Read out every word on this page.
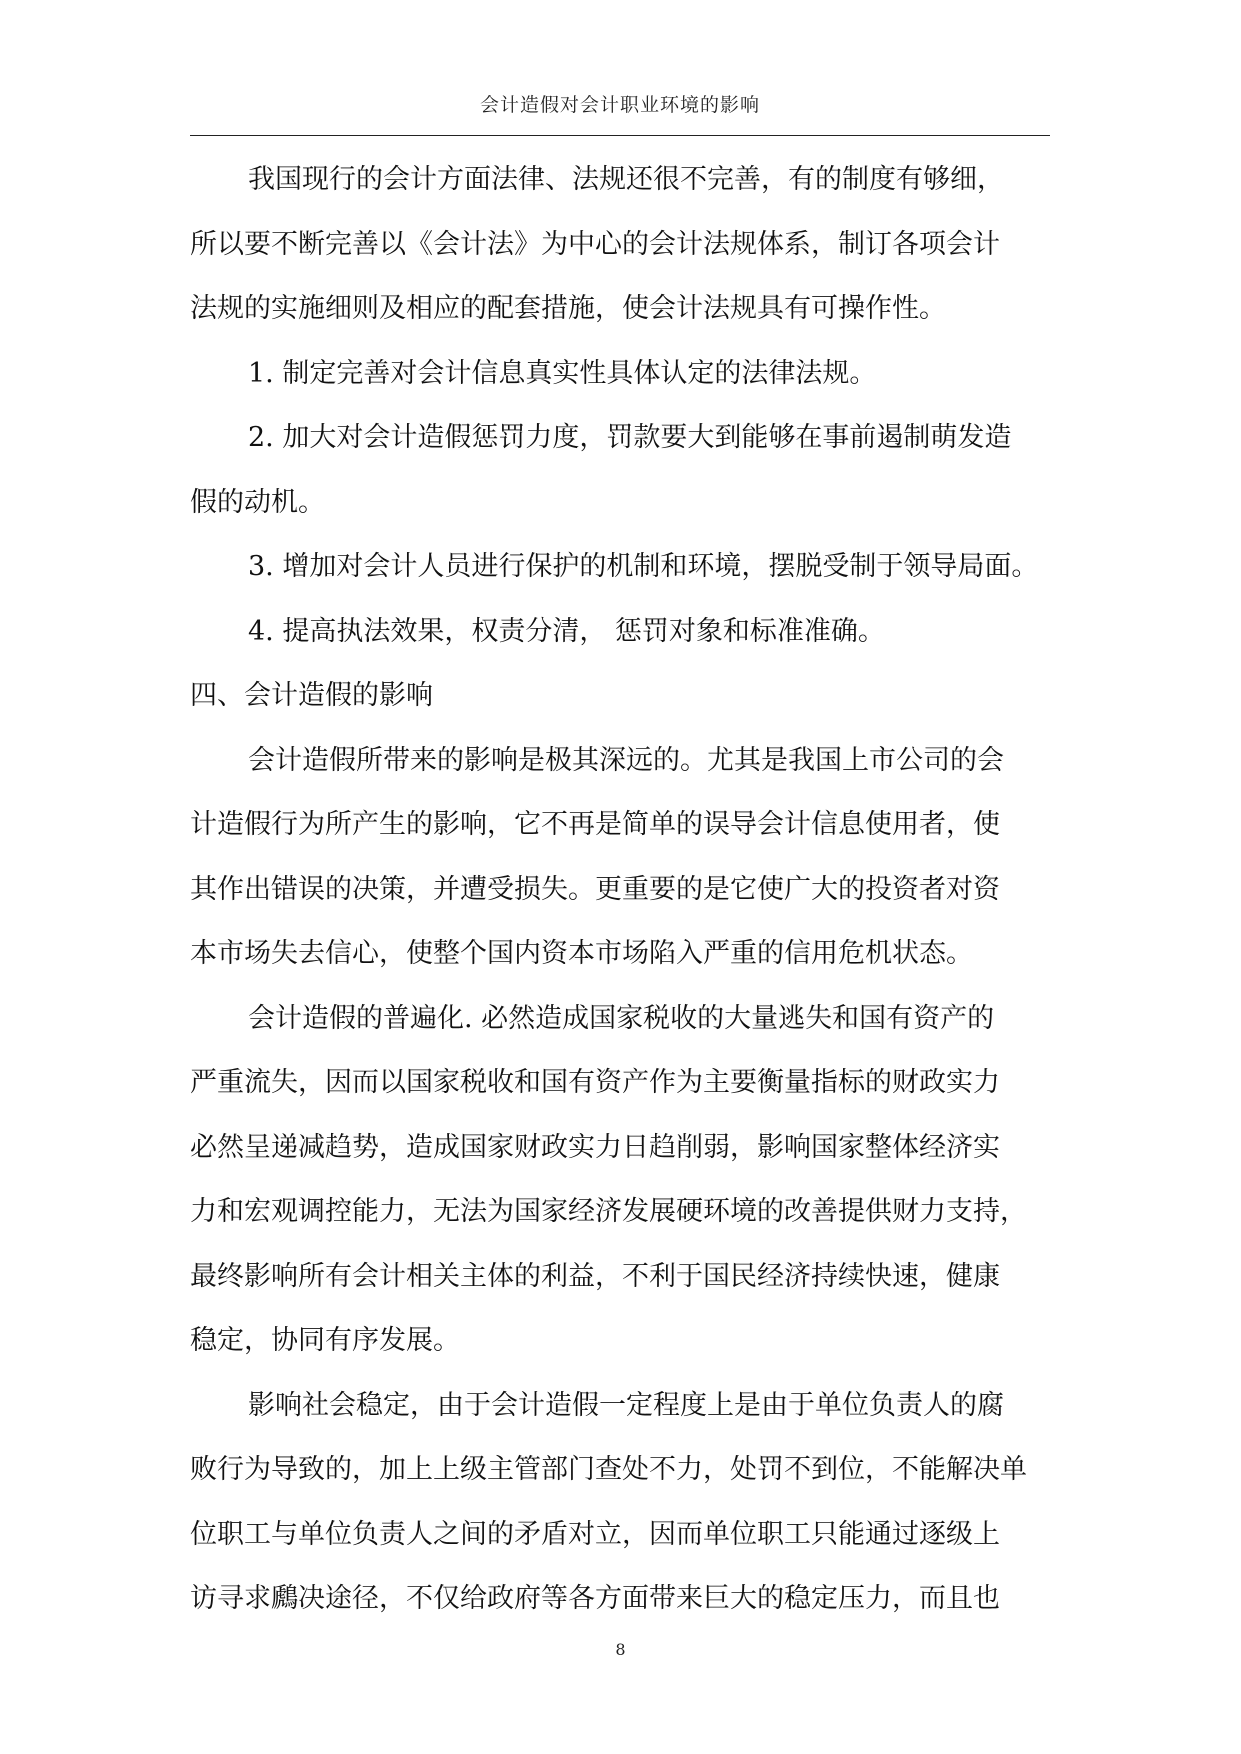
会计造假对会计职业环境的影响
我国现行的会计方面法律、法规还很不完善，有的制度有够细，
所以要不断完善以《会计法》为中心的会计法规体系，制订各项会计
法规的实施细则及相应的配套措施，使会计法规具有可操作性。
1. 制定完善对会计信息真实性具体认定的法律法规。
2. 加大对会计造假惩罚力度，罚款要大到能够在事前遏制萌发造
假的动机。
3. 增加对会计人员进行保护的机制和环境，摆脱受制于领导局面。
4. 提高执法效果，权责分清， 惩罚对象和标准准确。
四、会计造假的影响
会计造假所带来的影响是极其深远的。尤其是我国上市公司的会
计造假行为所产生的影响，它不再是简单的误导会计信息使用者，使
其作出错误的决策，并遭受损失。更重要的是它使广大的投资者对资
本市场失去信心，使整个国内资本市场陷入严重的信用危机状态。
会计造假的普遍化. 必然造成国家税收的大量逃失和国有资产的
严重流失，因而以国家税收和国有资产作为主要衡量指标的财政实力
必然呈递减趋势，造成国家财政实力日趋削弱，影响国家整体经济实
力和宏观调控能力，无法为国家经济发展硬环境的改善提供财力支持，
最终影响所有会计相关主体的利益，不利于国民经济持续快速，健康
稳定，协同有序发展。
影响社会稳定，由于会计造假一定程度上是由于单位负责人的腐
败行为导致的，加上上级主管部门查处不力，处罚不到位，不能解决单
位职工与单位负责人之间的矛盾对立，因而单位职工只能通过逐级上
访寻求鷉决途径，不仅给政府等各方面带来巨大的稳定压力，而且也
8
